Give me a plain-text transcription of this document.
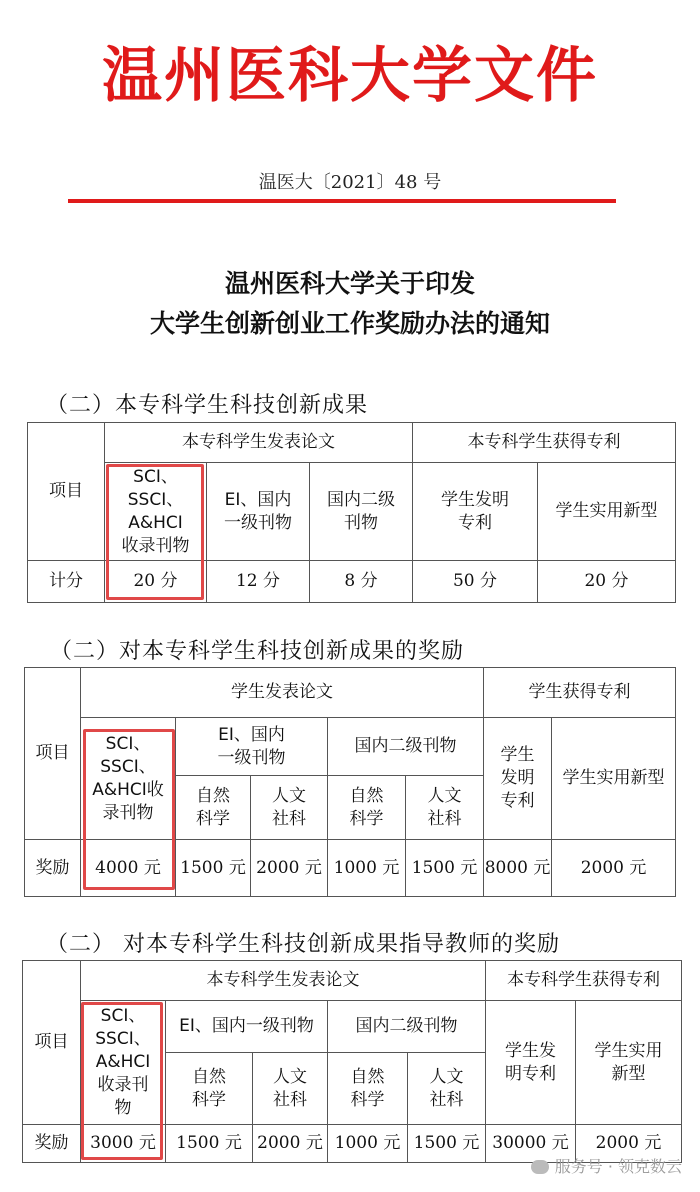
温州医科大学文件
温医大〔2021〕48 号
温州医科大学关于印发
大学生创新创业工作奖励办法的通知
（二）本专科学生科技创新成果
项目	本专科学生发表论文			本专科学生获得专利	

	SCI、SSCI、A&HCI收录刊物	EI、国内一级刊物	国内二级刊物	学生发明专利	学生实用新型
计分	20 分	12 分	8 分	50 分	20 分
（二）对本专科学生科技创新成果的奖励
项目	学生发表论文					学生获得专利	

	SCI、SSCI、A&HCI收录刊物	EI、国内一级刊物		国内二级刊物		学生发明专利	学生实用新型

		自然科学	人文社科	自然科学	人文社科		

奖励	4000 元	1500 元	2000 元	1000 元	1500 元	8000 元	2000 元
（二） 对本专科学生科技创新成果指导教师的奖励
项目	本专科学生发表论文					本专科学生获得专利	

	SCI、SSCI、A&HCI收录刊物	EI、国内一级刊物		国内二级刊物		学生发明专利	学生实用新型

		自然科学	人文社科	自然科学	人文社科		

奖励	3000 元	1500 元	2000 元	1000 元	1500 元	30000 元	2000 元
服务号 · 领克数云
